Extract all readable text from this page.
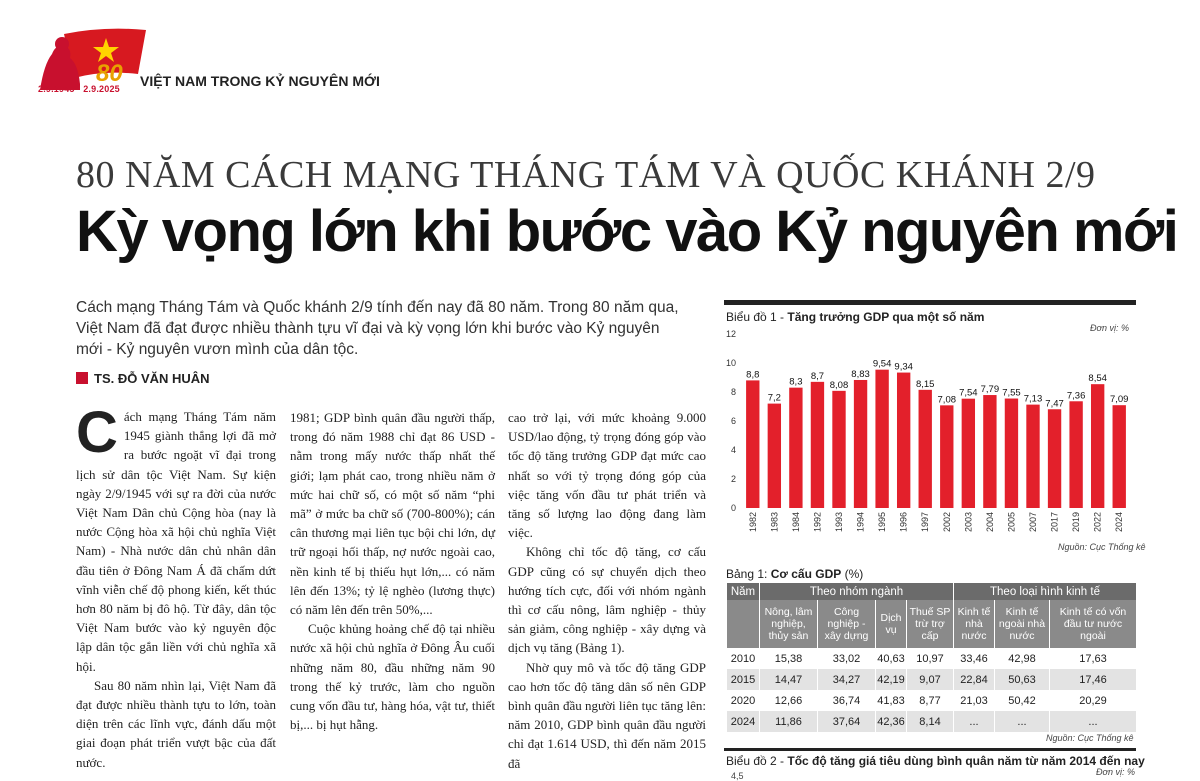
80
2.9.1945 - 2.9.2025 VIỆT NAM TRONG KỶ NGUYÊN MỚI
80 NĂM CÁCH MẠNG THÁNG TÁM VÀ QUỐC KHÁNH 2/9
Kỳ vọng lớn khi bước vào Kỷ nguyên mới
Cách mạng Tháng Tám và Quốc khánh 2/9 tính đến nay đã 80 năm. Trong 80 năm qua, Việt Nam đã đạt được nhiều thành tựu vĩ đại và kỳ vọng lớn khi bước vào Kỷ nguyên mới - Kỷ nguyên vươn mình của dân tộc.
TS. ĐỖ VĂN HUÂN

Cách mạng Tháng Tám năm 1945 giành thắng lợi đã mở ra bước ngoặt vĩ đại trong lịch sử dân tộc Việt Nam. Sự kiện ngày 2/9/1945 với sự ra đời của nước Việt Nam Dân chủ Cộng hòa (nay là nước Cộng hòa xã hội chủ nghĩa Việt Nam) - Nhà nước dân chủ nhân dân đầu tiên ở Đông Nam Á đã chấm dứt vĩnh viễn chế độ phong kiến, kết thúc hơn 80 năm bị đô hộ. Từ đây, dân tộc Việt Nam bước vào kỷ nguyên độc lập dân tộc gắn liền với chủ nghĩa xã hội.

Sau 80 năm nhìn lại, Việt Nam đã đạt được nhiều thành tựu to lớn, toàn diện trên các lĩnh vực, đánh dấu một giai đoạn phát triển vượt bậc của đất nước.

1981; GDP bình quân đầu người thấp, trong đó năm 1988 chỉ đạt 86 USD - nằm trong mấy nước thấp nhất thế giới; lạm phát cao, trong nhiều năm ở mức hai chữ số, có một số năm “phi mã” ở mức ba chữ số (700-800%); cán cân thương mại liên tục bội chi lớn, dự trữ ngoại hối thấp, nợ nước ngoài cao, nền kinh tế bị thiếu hụt lớn,... có năm lên đến 13%; tỷ lệ nghèo (lương thực) có năm lên đến trên 50%,...

Cuộc khủng hoảng chế độ tại nhiều nước xã hội chủ nghĩa ở Đông Âu cuối những năm 80, đầu những năm 90 trong thế kỷ trước, làm cho nguồn cung vốn đầu tư, hàng hóa, vật tư, thiết bị,... bị hụt hẫng.

cao trở lại, với mức khoảng 9.000 USD/lao động, tỷ trọng đóng góp vào tốc độ tăng trưởng GDP đạt mức cao nhất so với tỷ trọng đóng góp của việc tăng vốn đầu tư phát triển và tăng số lượng lao động đang làm việc.

Không chỉ tốc độ tăng, cơ cấu GDP cũng có sự chuyển dịch theo hướng tích cực, đối với nhóm ngành thì cơ cấu nông, lâm nghiệp - thủy sản giảm, công nghiệp - xây dựng và dịch vụ tăng (Bảng 1).

Nhờ quy mô và tốc độ tăng GDP cao hơn tốc độ tăng dân số nên GDP bình quân đầu người liên tục tăng lên: năm 2010, GDP bình quân đầu người chỉ đạt 1.614 USD, thì đến năm 2015 đã

Biểu đồ 1 - Tăng trưởng GDP qua một số năm
Đơn vị: %
0
2
4
6
8
10
12
8,8
1982
7,2
1983
8,3
1984
8,7
1992
8,08
1993
8,83
1994
9,54
1995
9,34
1996
8,15
1997
7,08
2002
7,54
2003
7,79
2004
7,55
2005
7,13
2007
7,47
2017
7,36
2019
8,54
2022
7,09
2024
Nguồn: Cục Thống kê
Bảng 1: Cơ cấu GDP (%)
Năm	Theo nhóm ngành				Theo loại hình kinh tế		
	Nông, lâm nghiệp, thủy sản	Công nghiệp - xây dựng	Dịch vụ	Thuế SP trừ trợ cấp	Kinh tế nhà nước	Kinh tế ngoài nhà nước	Kinh tế có vốn đầu tư nước ngoài
2010	15,38	33,02	40,63	10,97	33,46	42,98	17,63
2015	14,47	34,27	42,19	9,07	22,84	50,63	17,46
2020	12,66	36,74	41,83	8,77	21,03	50,42	20,29
2024	11,86	37,64	42,36	8,14	...	...	...
Nguồn: Cục Thống kê
Biểu đồ 2 - Tốc độ tăng giá tiêu dùng bình quân năm từ năm 2014 đến nay
Đơn vị: %
4,5
